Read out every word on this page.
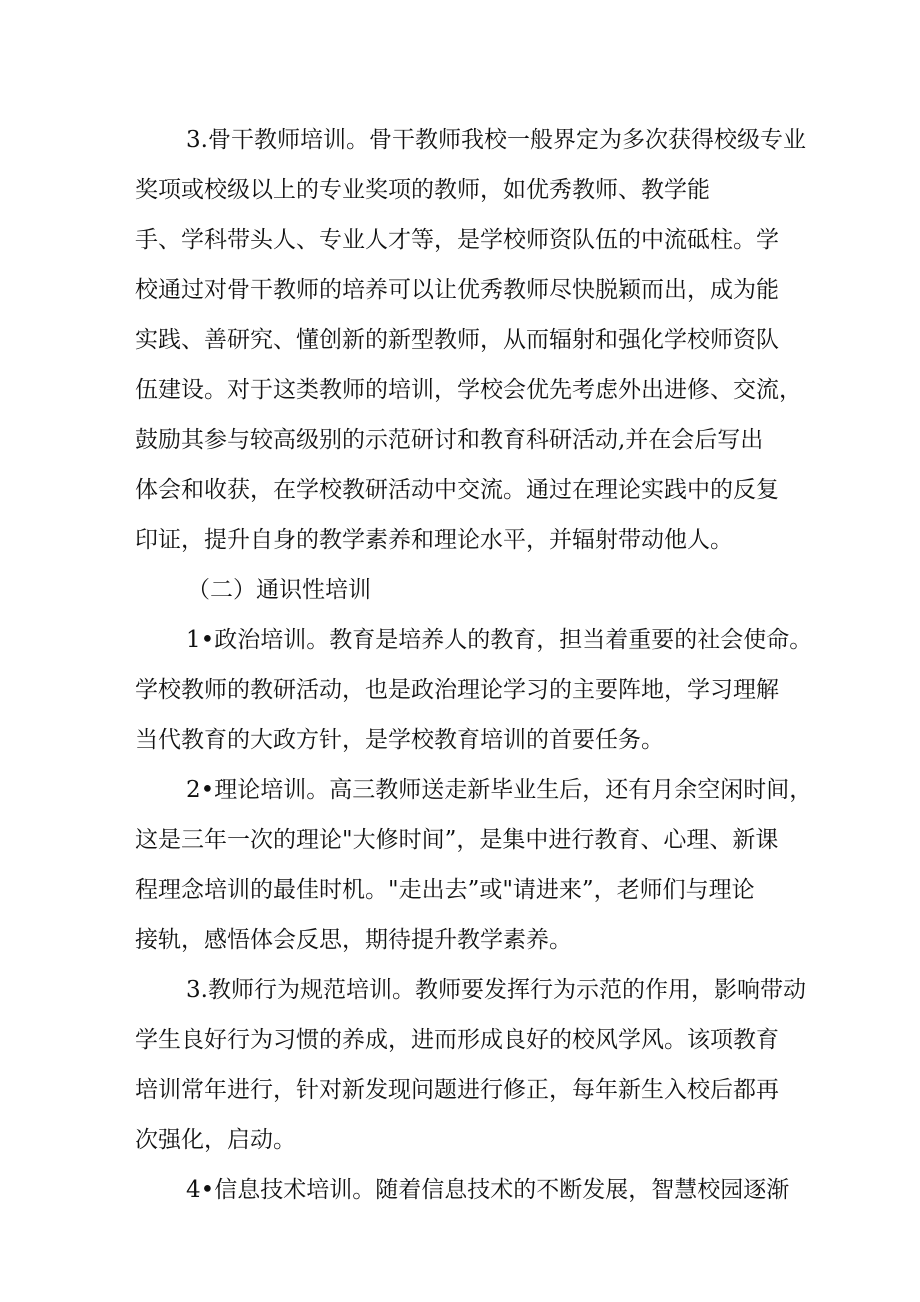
3.骨干教师培训。骨干教师我校一般界定为多次获得校级专业
奖项或校级以上的专业奖项的教师，如优秀教师、教学能
手、学科带头人、专业人才等，是学校师资队伍的中流砥柱。学
校通过对骨干教师的培养可以让优秀教师尽快脱颖而出，成为能
实践、善研究、懂创新的新型教师，从而辐射和强化学校师资队
伍建设。对于这类教师的培训，学校会优先考虑外出进修、交流，
鼓励其参与较高级别的示范研讨和教育科研活动,并在会后写出
体会和收获，在学校教研活动中交流。通过在理论实践中的反复
印证，提升自身的教学素养和理论水平，并辐射带动他人。
（二）通识性培训
1•政治培训。教育是培养人的教育，担当着重要的社会使命。
学校教师的教研活动，也是政治理论学习的主要阵地，学习理解
当代教育的大政方针，是学校教育培训的首要任务。
2•理论培训。高三教师送走新毕业生后，还有月余空闲时间，
这是三年一次的理论"大修时间”，是集中进行教育、心理、新课
程理念培训的最佳时机。"走出去”或"请进来”，老师们与理论
接轨，感悟体会反思，期待提升教学素养。
3.教师行为规范培训。教师要发挥行为示范的作用，影响带动
学生良好行为习惯的养成，进而形成良好的校风学风。该项教育
培训常年进行，针对新发现问题进行修正，每年新生入校后都再
次强化，启动。
4•信息技术培训。随着信息技术的不断发展，智慧校园逐渐
